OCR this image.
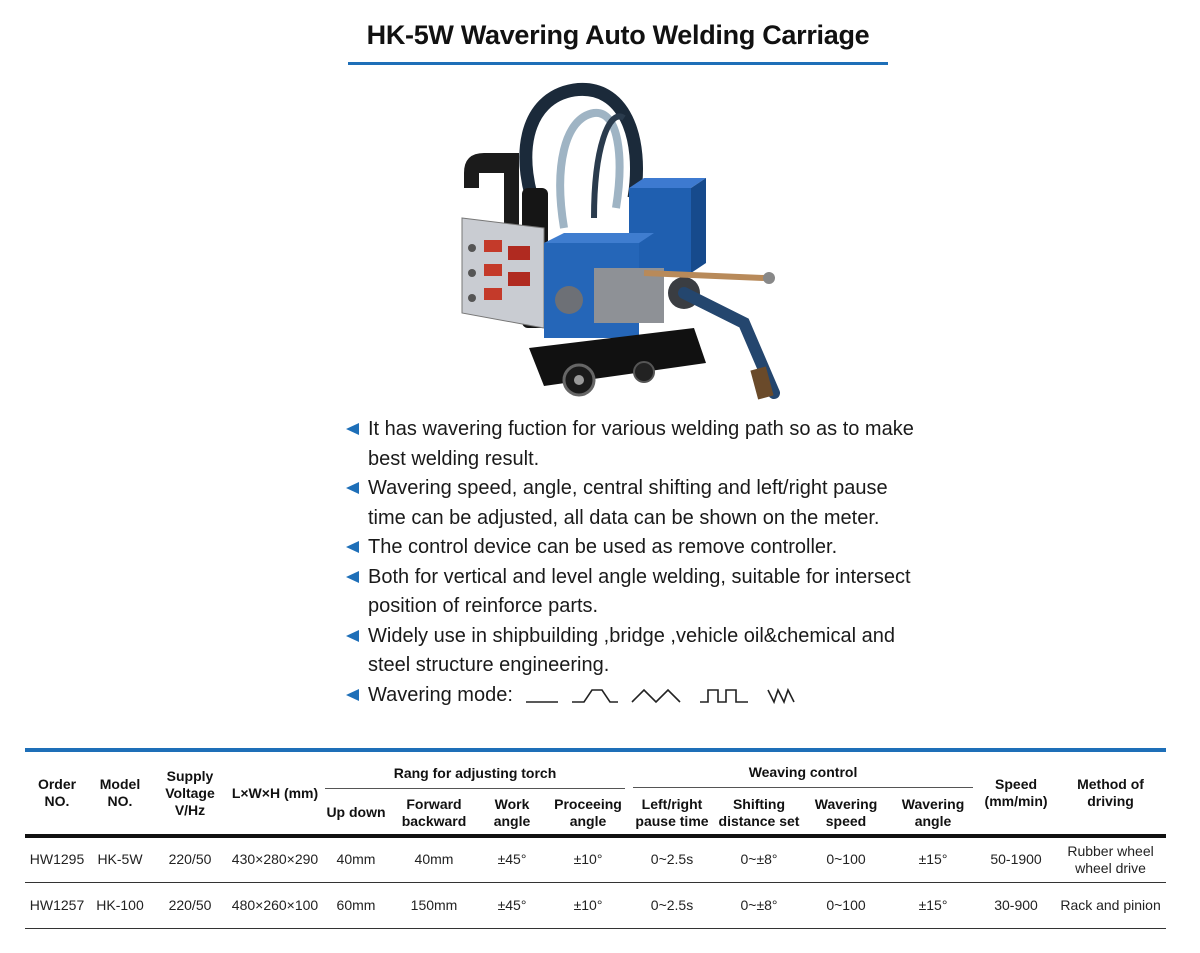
HK-5W Wavering Auto Welding Carriage
It has wavering fuction for various welding path so as to make best welding result.
Wavering speed, angle, central shifting and left/right pause time can be adjusted, all data can be shown on the meter.
The control device can be used as remove controller.
Both for vertical and level angle welding, suitable for intersect position of reinforce parts.
Widely use in shipbuilding ,bridge ,vehicle oil&chemical and steel structure engineering.
Wavering mode:
Order NO.	Model NO.	Supply Voltage V/Hz	L×W×H (mm)	Rang for adjusting torch				Weaving control				Speed (mm/min)	Method of driving
				Up down	Forward backward	Work angle	Proceeing angle	Left/right pause time	Shifting distance set	Wavering speed	Wavering angle		
HW1295	HK-5W	220/50	430×280×290	40mm	40mm	±45°	±10°	0~2.5s	0~±8°	0~100	±15°	50-1900	Rubber wheel wheel drive
HW1257	HK-100	220/50	480×260×100	60mm	150mm	±45°	±10°	0~2.5s	0~±8°	0~100	±15°	30-900	Rack and pinion
